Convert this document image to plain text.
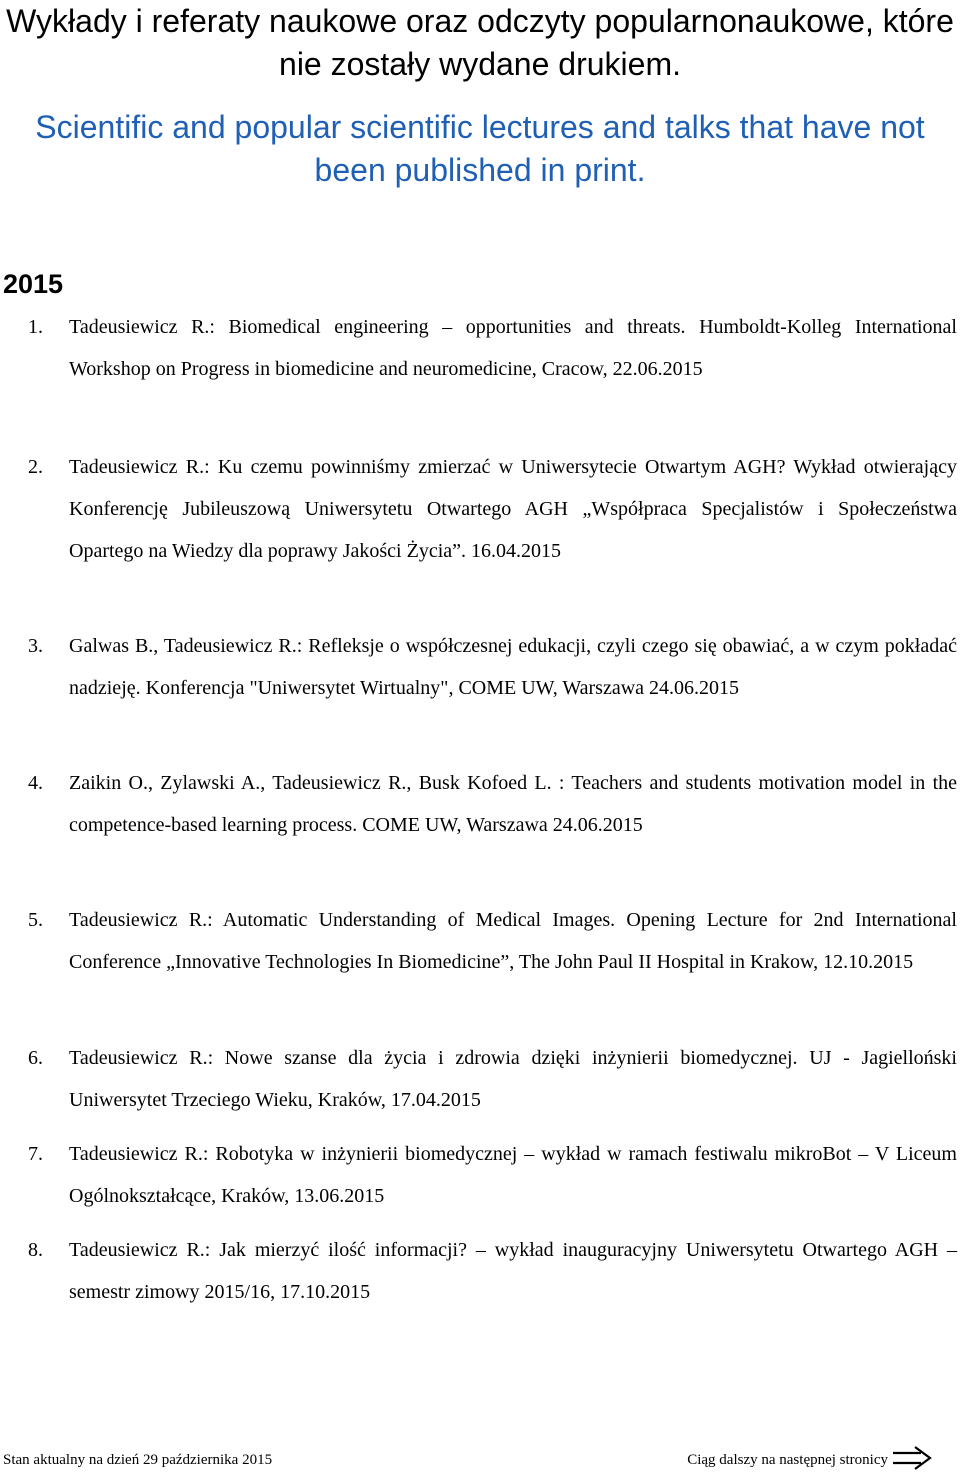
Wykłady i referaty naukowe oraz odczyty popularnonaukowe, które nie zostały wydane drukiem.
Scientific and popular scientific lectures and talks that have not been published in print.
2015
1.	Tadeusiewicz R.: Biomedical engineering – opportunities and threats. Humboldt-Kolleg International Workshop on Progress in biomedicine and neuromedicine, Cracow, 22.06.2015
2.	Tadeusiewicz R.: Ku czemu powinniśmy zmierzać w Uniwersytecie Otwartym AGH? Wykład otwierający Konferencję Jubileuszową Uniwersytetu Otwartego AGH „Współpraca Specjalistów i Społeczeństwa Opartego na Wiedzy dla poprawy Jakości Życia”. 16.04.2015
3.	Galwas B., Tadeusiewicz R.: Refleksje o współczesnej edukacji, czyli czego się obawiać, a w czym pokładać nadzieję. Konferencja "Uniwersytet Wirtualny", COME UW, Warszawa 24.06.2015
4.	Zaikin O., Zylawski A., Tadeusiewicz R., Busk Kofoed L. : Teachers and students motivation model in the competence-based learning process. COME UW, Warszawa 24.06.2015
5.	Tadeusiewicz R.: Automatic Understanding of Medical Images. Opening Lecture for 2nd International Conference „Innovative Technologies In Biomedicine”, The John Paul II Hospital in Krakow, 12.10.2015
6.	Tadeusiewicz R.: Nowe szanse dla życia i zdrowia dzięki inżynierii biomedycznej. UJ - Jagielloński Uniwersytet Trzeciego Wieku, Kraków, 17.04.2015
7.	Tadeusiewicz R.: Robotyka w inżynierii biomedycznej – wykład w ramach festiwalu mikroBot – V Liceum Ogólnokształcące, Kraków, 13.06.2015
8.	Tadeusiewicz R.: Jak mierzyć ilość informacji? – wykład inauguracyjny Uniwersytetu Otwartego AGH – semestr zimowy 2015/16, 17.10.2015
Stan aktualny na dzień 29 października 2015	Ciąg dalszy na następnej stronicy
